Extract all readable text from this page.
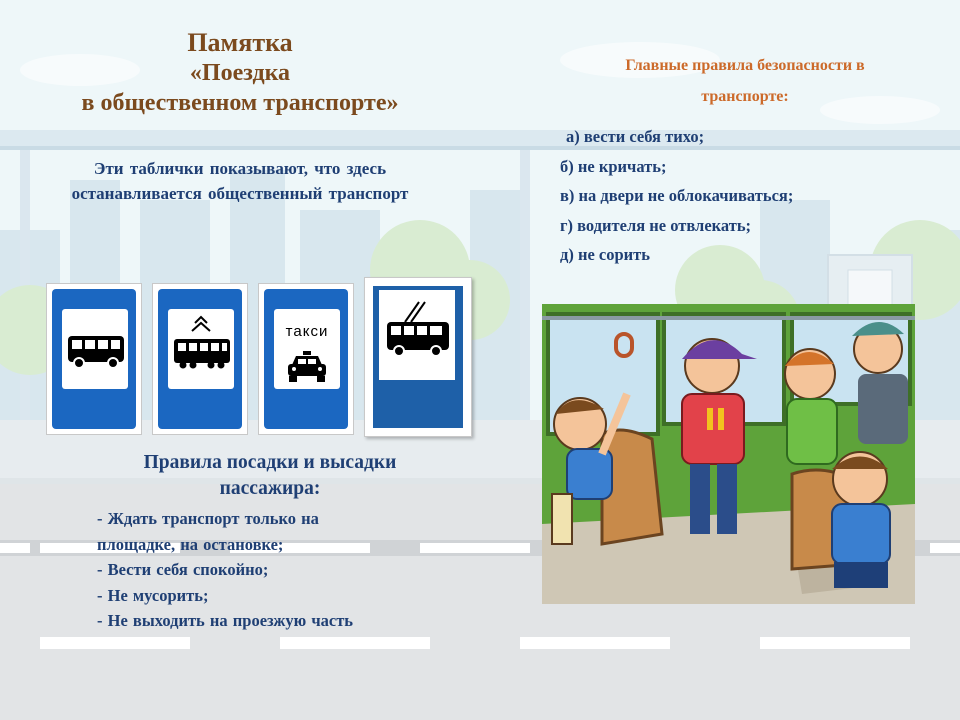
Памятка
«Поездка
в общественном транспорте»
Эти таблички показывают, что здесь
останавливается общественный транспорт
Главные правила безопасности в
транспорте:
а) вести себя тихо;
б) не кричать;
в) на двери не облокачиваться;
г) водителя не отвлекать;
д) не сорить
такси
Правила посадки и высадки
пассажира:
- Ждать транспорт только на
площадке, на остановке;
- Вести себя спокойно;
- Не мусорить;
- Не выходить на проезжую часть
